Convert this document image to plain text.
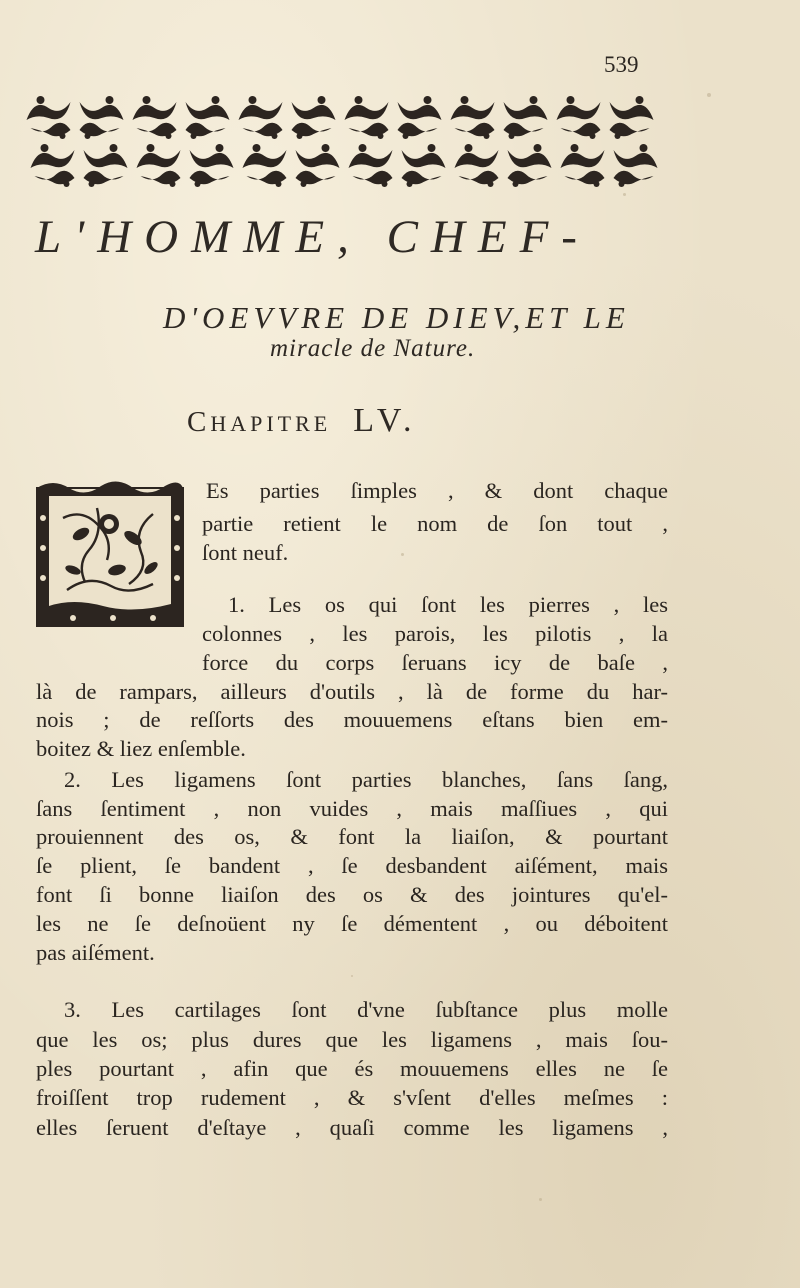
539
L'HOMME, CHEF-
D'OEVVRE DE DIEV,ET LE
miracle de Nature.
CHAPITRE LV.
Es parties ſimples , & dont chaque
partie retient le nom de ſon tout ,
ſont neuf.
1. Les os qui ſont les pierres , les
colonnes , les parois, les pilotis , la
force du corps ſeruans icy de baſe ,
là de rampars, ailleurs d'outils , là de forme du har-
nois ; de reſſorts des mouuemens eſtans bien em-
boitez & liez enſemble.
2. Les ligamens ſont parties blanches, ſans ſang,
ſans ſentiment , non vuides , mais maſſiues , qui
prouiennent des os, & font la liaiſon, & pourtant
ſe plient, ſe bandent , ſe desbandent aiſément, mais
font ſi bonne liaiſon des os & des jointures qu'el-
les ne ſe deſnoüent ny ſe démentent , ou déboitent
pas aiſément.
3. Les cartilages ſont d'vne ſubſtance plus molle
que les os; plus dures que les ligamens , mais ſou-
ples pourtant , afin que és mouuemens elles ne ſe
froiſſent trop rudement , & s'vſent d'elles meſmes :
elles ſeruent d'eſtaye , quaſi comme les ligamens ,
